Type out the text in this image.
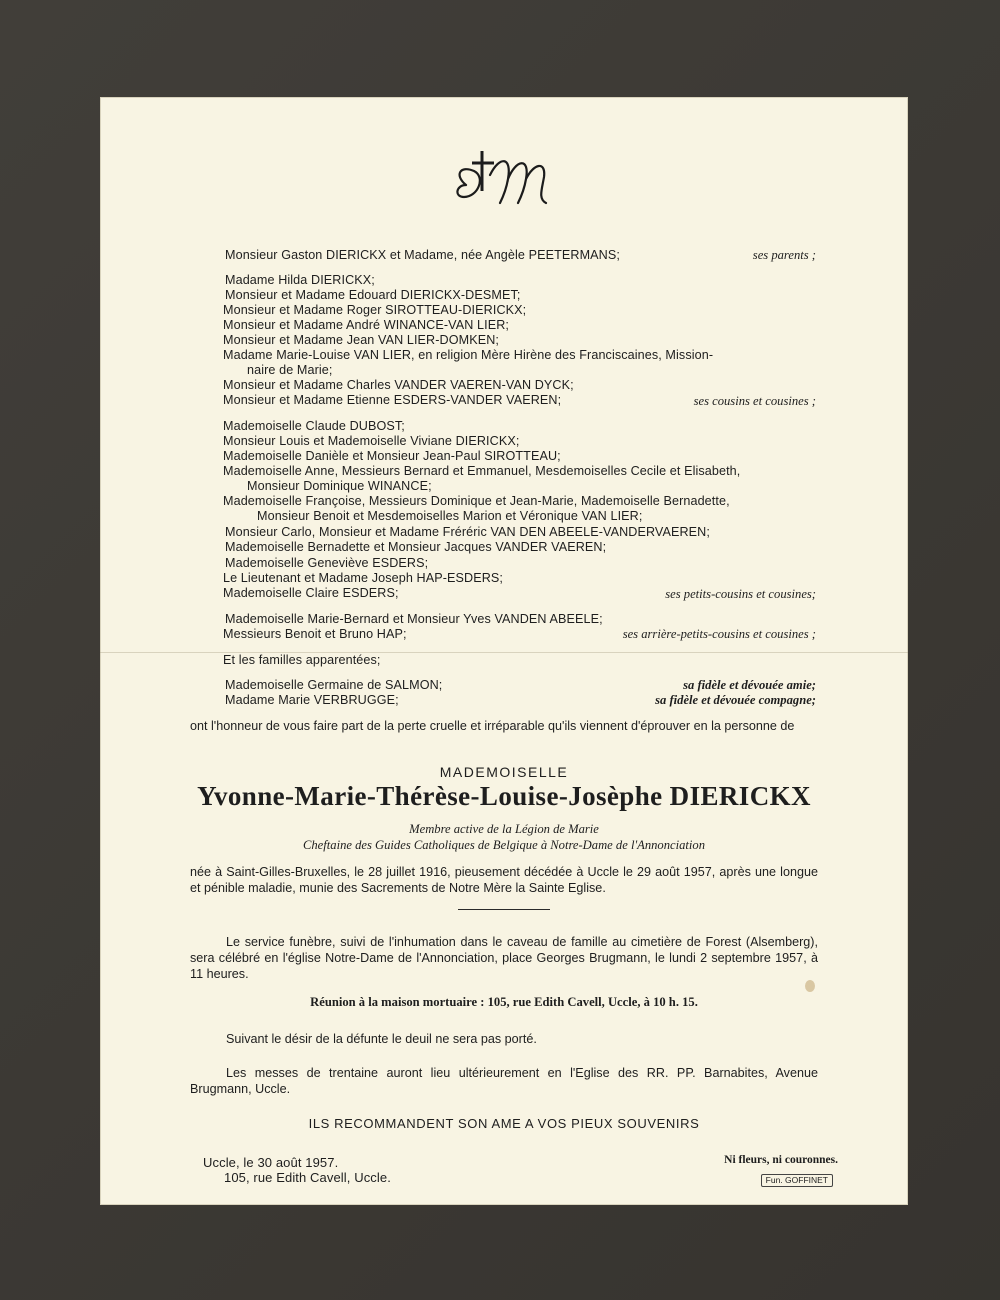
Monsieur Gaston DIERICKX et Madame, née Angèle PEETERMANS;	ses parents ;
Madame Hilda DIERICKX;
Monsieur et Madame Edouard DIERICKX-DESMET;
Monsieur et Madame Roger SIROTTEAU-DIERICKX;
Monsieur et Madame André WINANCE-VAN LIER;
Monsieur et Madame Jean VAN LIER-DOMKEN;
Madame Marie-Louise VAN LIER, en religion Mère Hirène des Franciscaines, Mission-
naire de Marie;
Monsieur et Madame Charles VANDER VAEREN-VAN DYCK;
Monsieur et Madame Etienne ESDERS-VANDER VAEREN;	ses cousins et cousines ;
Mademoiselle Claude DUBOST;
Monsieur Louis et Mademoiselle Viviane DIERICKX;
Mademoiselle Danièle et Monsieur Jean-Paul SIROTTEAU;
Mademoiselle Anne, Messieurs Bernard et Emmanuel, Mesdemoiselles Cecile et Elisabeth,
Monsieur Dominique WINANCE;
Mademoiselle Françoise, Messieurs Dominique et Jean-Marie, Mademoiselle Bernadette,
Monsieur Benoit et Mesdemoiselles Marion et Véronique VAN LIER;
Monsieur Carlo, Monsieur et Madame Fréréric VAN DEN ABEELE-VANDERVAEREN;
Mademoiselle Bernadette et Monsieur Jacques VANDER VAEREN;
Mademoiselle Geneviève ESDERS;
Le Lieutenant et Madame Joseph HAP-ESDERS;
Mademoiselle Claire ESDERS;	ses petits-cousins et cousines;
Mademoiselle Marie-Bernard et Monsieur Yves VANDEN ABEELE;
Messieurs Benoit et Bruno HAP;	ses arrière-petits-cousins et cousines ;
Et les familles apparentées;
Mademoiselle Germaine de SALMON;	sa fidèle et dévouée amie;
Madame Marie VERBRUGGE;	sa fidèle et dévouée compagne;
ont l'honneur de vous faire part de la perte cruelle et irréparable qu'ils viennent d'éprouver en la personne de
MADEMOISELLE
Yvonne-Marie-Thérèse-Louise-Josèphe DIERICKX
Membre active de la Légion de Marie
Cheftaine des Guides Catholiques de Belgique à Notre-Dame de l'Annonciation
née à Saint-Gilles-Bruxelles, le 28 juillet 1916, pieusement décédée à Uccle le 29 août 1957, après une longue et pénible maladie, munie des Sacrements de Notre Mère la Sainte Eglise.
Le service funèbre, suivi de l'inhumation dans le caveau de famille au cimetière de Forest (Alsemberg), sera célébré en l'église Notre-Dame de l'Annonciation, place Georges Brugmann, le lundi 2 septembre 1957, à 11 heures.
Réunion à la maison mortuaire : 105, rue Edith Cavell, Uccle, à 10 h. 15.
Suivant le désir de la défunte le deuil ne sera pas porté.
Les messes de trentaine auront lieu ultérieurement en l'Eglise des RR. PP. Barnabites, Avenue Brugmann, Uccle.
ILS RECOMMANDENT SON AME A VOS PIEUX SOUVENIRS
Uccle, le 30 août 1957.
105, rue Edith Cavell, Uccle.
Ni fleurs, ni couronnes.
Fun. GOFFINET
